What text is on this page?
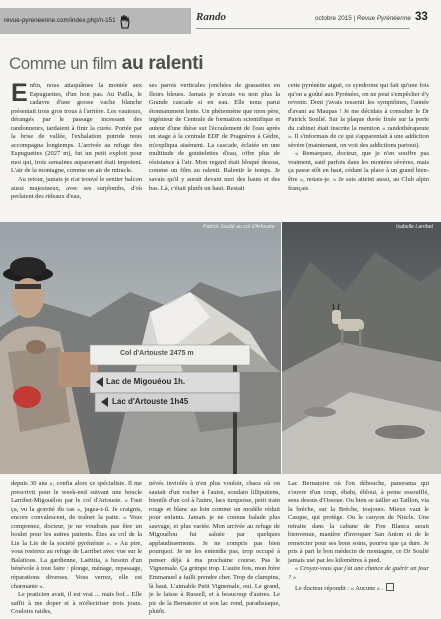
revue-pyreneenne.com/index.php/n-151	Rando	octobre 2015 | Revue Pyrénéenne 33
Comme un film au ralenti

Enfin, nous attaquâmes la montée aux Espuguettes, d'un bon pas. Au Pailla, le cadavre d'une grosse vache blanche présentait trois gros trous à l'arrière. Les vautours, dérangés par le passage incessant des randonneurs, tardaient à finir la curée. Portée par la brise de vallée, l'exhalation putride nous accompagna longtemps. L'arrivée au refuge des Espuguettes (2027 m), fut un petit exploit pour moi qui, trois semaines auparavant était impotent. L'air de la montagne, comme un air de miracle.

Au retour, jamais je n'ai trouvé le sentier balcon aussi majestueux, avec ses surplombs, d'où perlaient des rideaux d'eau,

ses parois verticales jonchées de grassettes en fleurs bleues. Jamais je n'avais vu non plus la Grande cascade si en eau. Elle nous parut étonnamment lente. Un phénomène que mon père, ingénieur de Centrale de formation scientifique et auteur d'une thèse sur l'écoulement de l'eau après un stage à la centrale EDF de Pragnères à Gèdre, m'expliqua aisément. La cascade, éclatée en une multitude de gouttelettes d'eau, offre plus de résistance à l'air. Mon regard était bloqué dessus, comme un film au ralenti. Ralentir le temps. Je savais qu'il y aurait devant moi des hauts et des bas. Là, c'était plutôt un haut. Restait

cette pyrénéite aiguë, ce syndrome qui fait qu'une fois qu'on a goûté aux Pyrénées, on ne peut s'empêcher d'y revenir. Dont j'avais ressenti les symptômes, l'année d'avant au Maupas ! Je me décidais à consulter le Dr Patrick Soulié. Sur la plaque dorée fixée sur la porte du cabinet était inscrite la mention « randothérapeute ». Il s'informais de ce qui s'apparentait à une addiction sévère (maintenant, on voit des addictions partout).

« Remarquez, docteur, que je n'en souffre pas vraiment, sauf parfois dans les montées sévères, mais ça passe stôt en haut, cédant la place à un grand bien-être », notais-je. « Je suis atteint aussi, au Club alpin français

Patrick Soulié au col d'Artouste	Isabelle Larribet
Col d'Artouste 2475 m
Lac de Migouéou 1h.
Lac d'Artouste 1h45

depuis 30 ans », confia alors ce spécialiste. Il me prescrivit pour le week-end suivant une boucle Larribet-Migouélou par le col d'Artouste. « Faut ça, vu la gravité du cas », jugea-t-il. Je craignis, encore convalescent, de traîner la patte. « Vous comprenez, docteur, je ne voudrais pas être un boulet pour les autres patients. Êtes au col de la Lie la Lie de la société pyrénéiste ». « Au pire, vous resterez au refuge de Larribet avec vue sur le Balaïtous. La gardienne, Laëtitia, a besoin d'un bénévole à tout faire : plonge, ménage, repassage, réparations diverses. Vous verrez, elle est charmante ».

Le praticien avait, il est vrai ... mais bof... Elle suffit à me doper et à m'électriser trois jours. Couloirs raides,

névés inviolés à n'en plus vouloir, chaos où on sautait d'un rocher à l'autre, soudain lilliputiens, bientôt d'un col à l'autre, lacs turquoise, petit train rouge et blanc au loin comme un modèle réduit pour enfants. Jamais je ne connus balade plus sauvage, et plus variée. Mon arrivée au refuge de Migouélou fut saluée par quelques applaudissements. Je ne compris pas bien pourquoi. Je ne les entendis pas, trop occupé à penser déjà à ma prochaine course. Pas le Vignemale. Ça grimpe trop. L'autre fois, mon frère Emmanuel a failli prendre cher. Trop de clampins, là haut. L'aimable Petit Vignemale, oui. Le grand, je le laisse à Russell, et à beaucoup d'autres. Le pic de la Bernatoire et son lac rond, paradisiaque, plutôt.

Lac Bernatoire où l'on débouche, panorama qui s'ouvre d'un coup, ébahi, ébloui, à peine essoufflé, sens dessus d'Ossoue. Ou bien se tailler au Taillon, via la brèche, sur la Brèche, toujours. Mieux vaut le Casque, qui protège. Ou le canyon de Niscle. Une retraite dans la cabane de Fon Blanca serait bienvenue, manière d'invoquer San Anton et de le remercier pour ses bons soins, pourvu que ça dure. Je pris à part le bon médecin de montagne, ce Dr Soulié jamais usé par les kilomètres à pied.

« Croyez-vous que j'ai une chance de guérir un jour ? »

Le docteur répondit : « Aucune » .
